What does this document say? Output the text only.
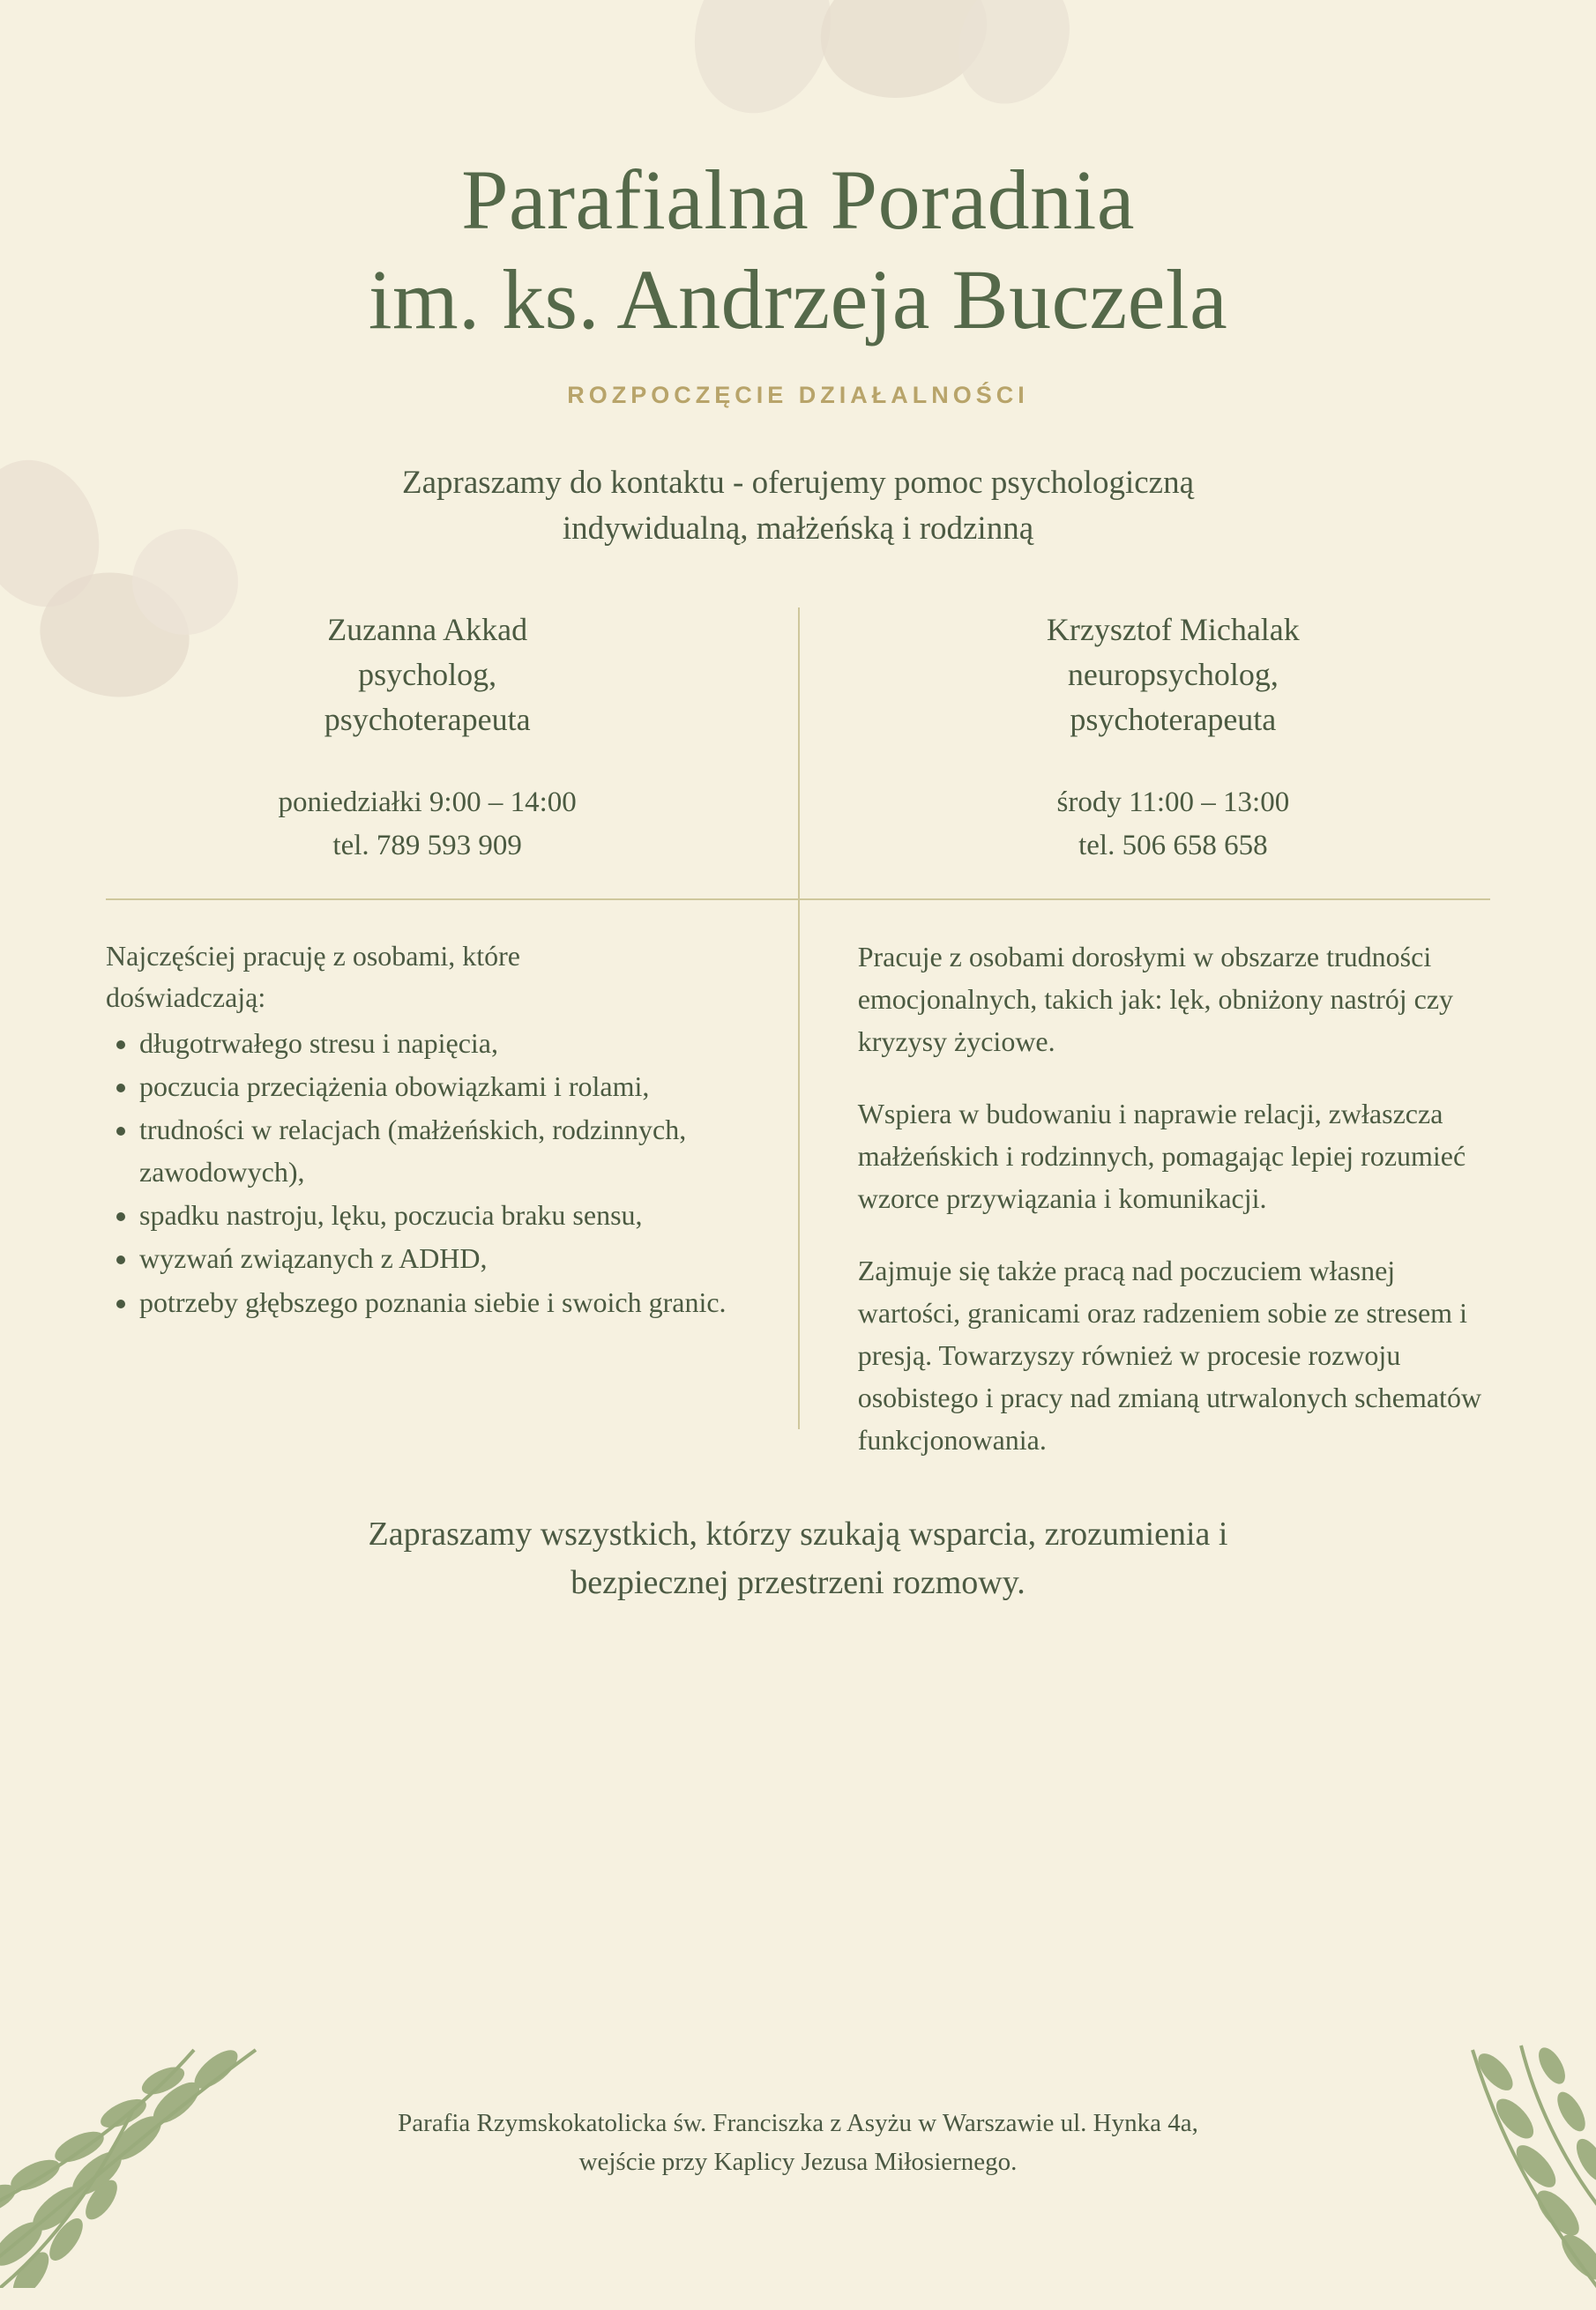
Parafialna Poradnia
im. ks. Andrzeja Buczela
ROZPOCZĘCIE DZIAŁALNOŚCI
Zapraszamy do kontaktu - oferujemy pomoc psychologiczną
indywidualną, małżeńską i rodzinną
Zuzanna Akkad
psycholog,
psychoterapeuta
poniedziałki 9:00 – 14:00
tel. 789 593 909
Krzysztof Michalak
neuropsycholog,
psychoterapeuta
środy 11:00 – 13:00
tel. 506 658 658
Najczęściej pracuję z osobami, które
doświadczają:
• długotrwałego stresu i napięcia,
• poczucia przeciążenia obowiązkami i rolami,
• trudności w relacjach (małżeńskich, rodzinnych, zawodowych),
• spadku nastroju, lęku, poczucia braku sensu,
• wyzwań związanych z ADHD,
• potrzeby głębszego poznania siebie i swoich granic.

Pracuje z osobami dorosłymi w obszarze trudności emocjonalnych, takich jak: lęk, obniżony nastrój czy kryzysy życiowe.

Wspiera w budowaniu i naprawie relacji, zwłaszcza małżeńskich i rodzinnych, pomagając lepiej rozumieć wzorce przywiązania i komunikacji.

Zajmuje się także pracą nad poczuciem własnej wartości, granicami oraz radzeniem sobie ze stresem i presją. Towarzyszy również w procesie rozwoju osobistego i pracy nad zmianą utrwalonych schematów funkcjonowania.

Zapraszamy wszystkich, którzy szukają wsparcia, zrozumienia i
bezpiecznej przestrzeni rozmowy.
Parafia Rzymskokatolicka św. Franciszka z Asyżu w Warszawie ul. Hynka 4a,
wejście przy Kaplicy Jezusa Miłosiernego.
